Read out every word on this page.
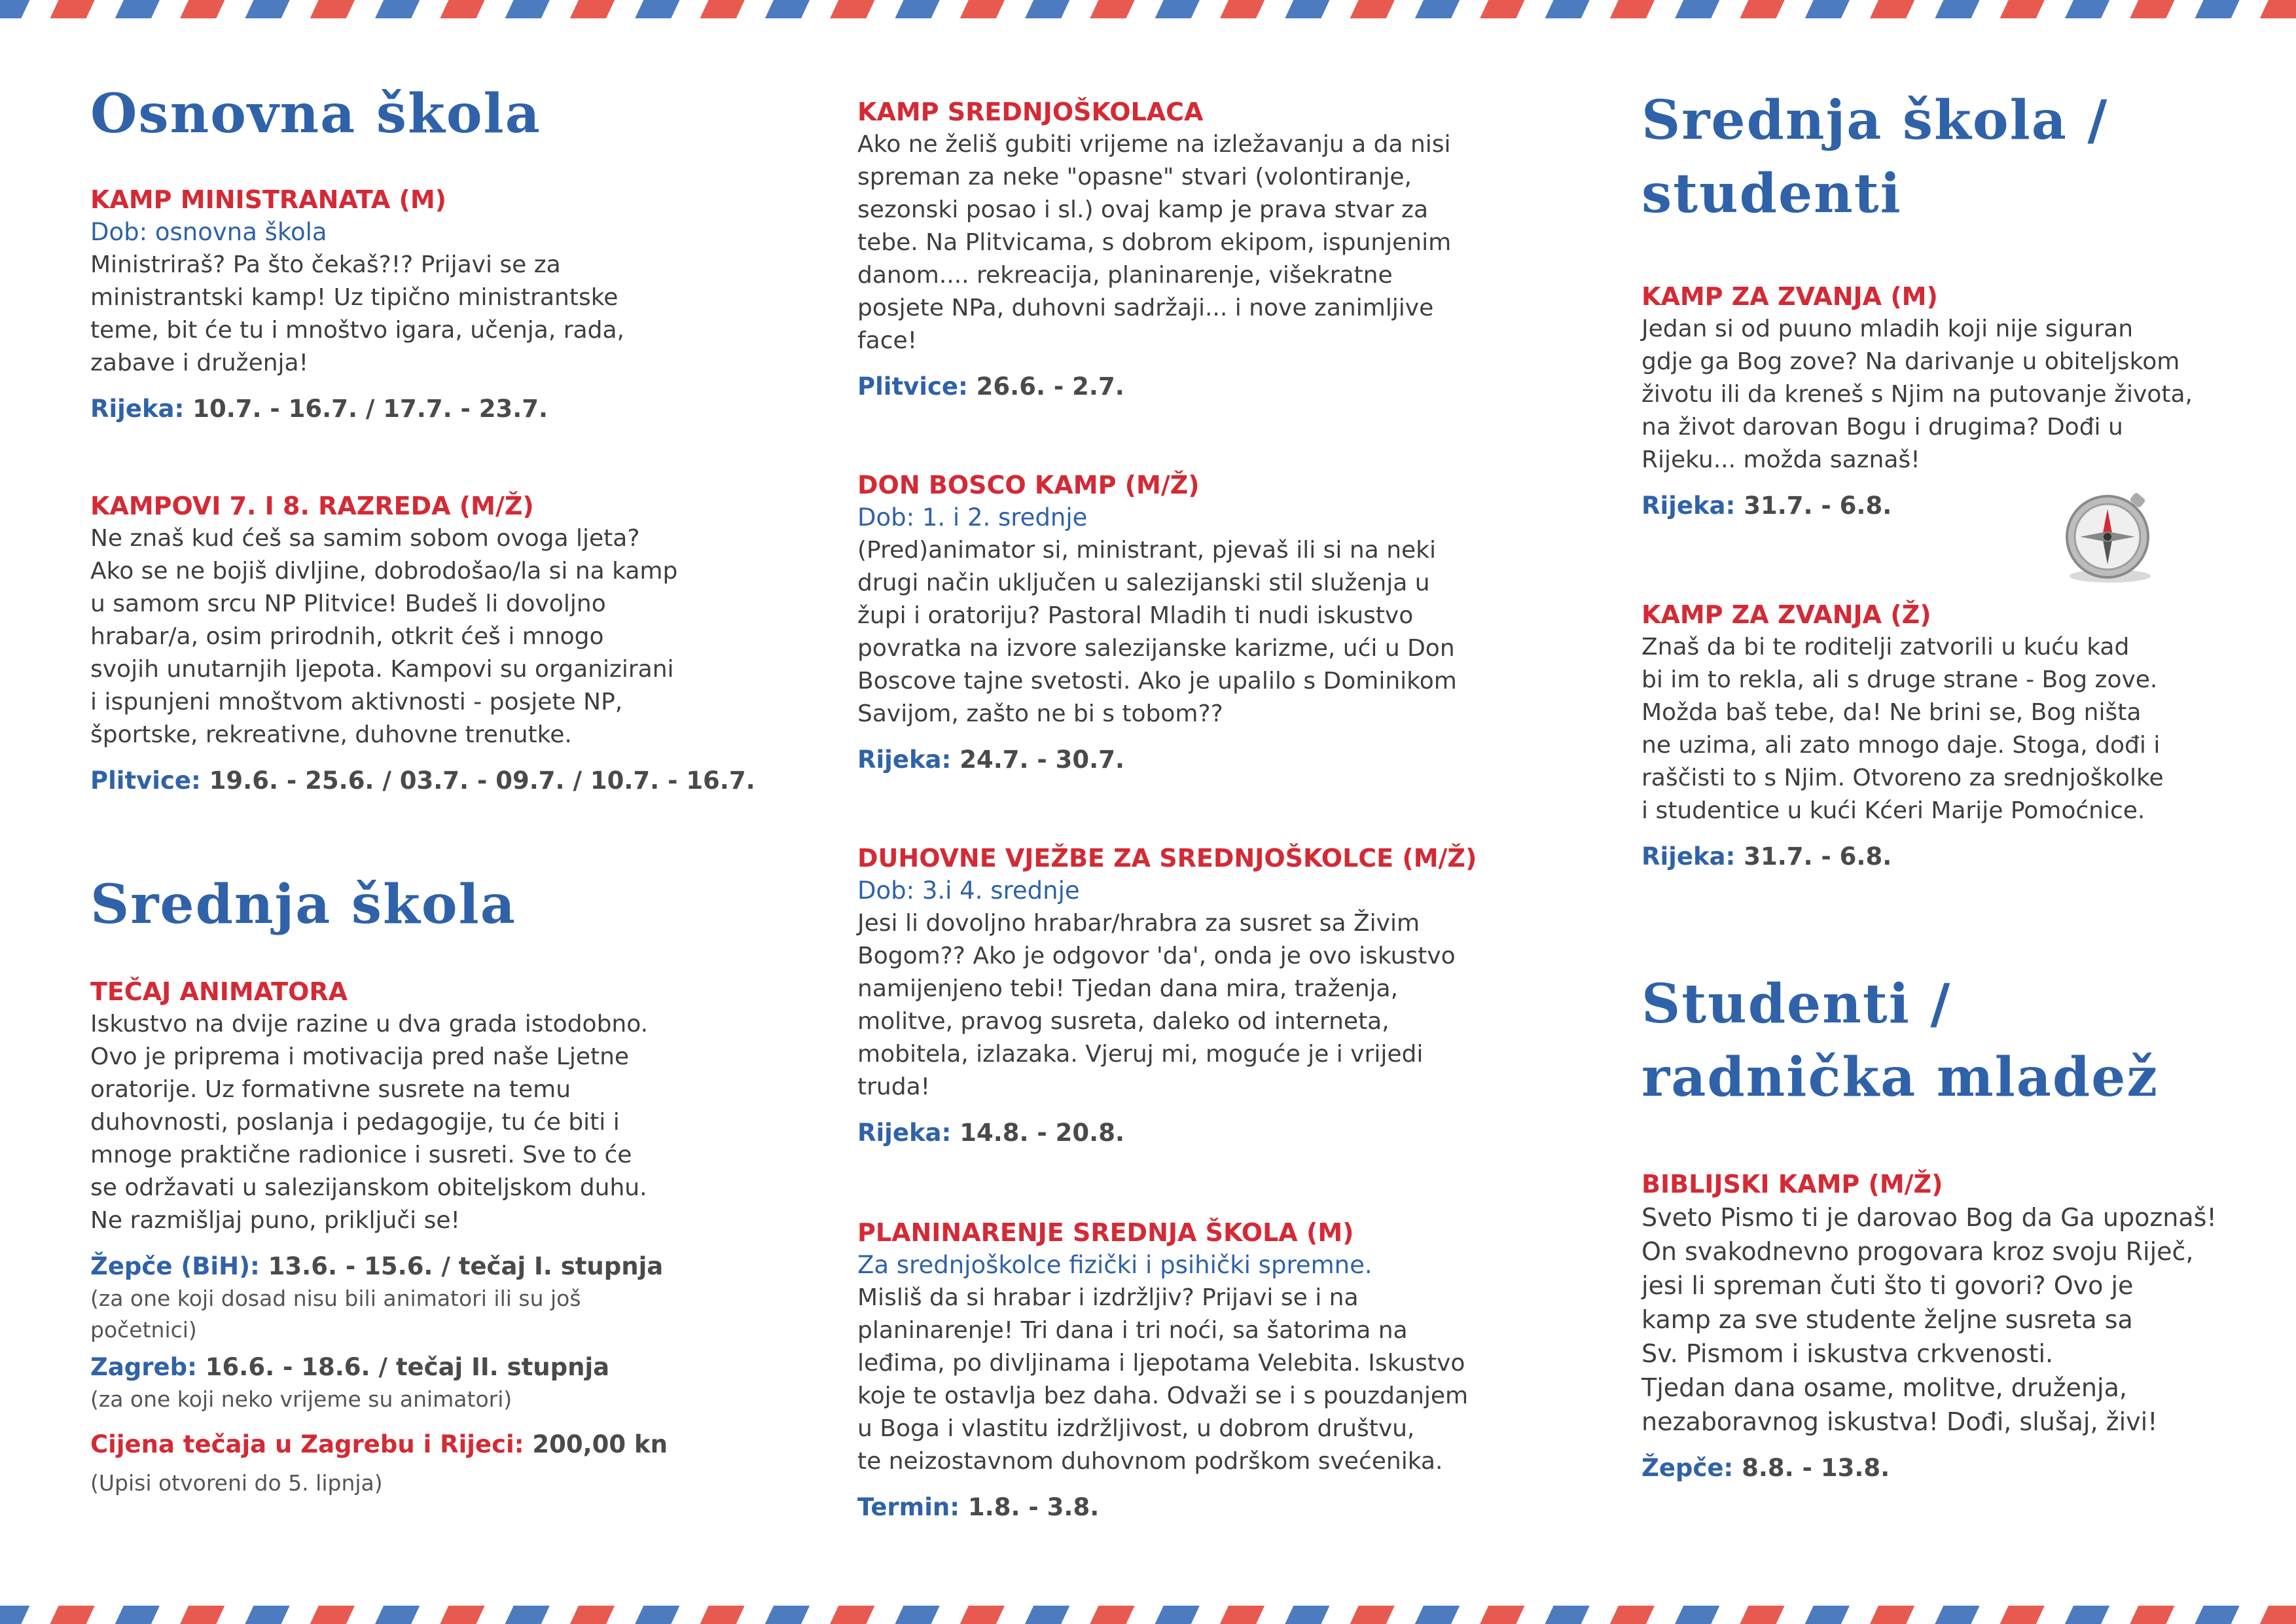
Osnovna škola
KAMP MINISTRANATA (M)
Dob: osnovna škola
Ministriraš? Pa što čekaš?!? Prijavi se za
ministrantski kamp! Uz tipično ministrantske
teme, bit će tu i mnoštvo igara, učenja, rada,
zabave i druženja!
Rijeka: 10.7. - 16.7. / 17.7. - 23.7.
KAMPOVI 7. I 8. RAZREDA (M/Ž)
Ne znaš kud ćeš sa samim sobom ovoga ljeta?
Ako se ne bojiš divljine, dobrodošao/la si na kamp
u samom srcu NP Plitvice! Budeš li dovoljno
hrabar/a, osim prirodnih, otkrit ćeš i mnogo
svojih unutarnjih ljepota. Kampovi su organizirani
i ispunjeni mnoštvom aktivnosti - posjete NP,
športske, rekreativne, duhovne trenutke.
Plitvice: 19.6. - 25.6. / 03.7. - 09.7. / 10.7. - 16.7.
Srednja škola
TEČAJ ANIMATORA
Iskustvo na dvije razine u dva grada istodobno.
Ovo je priprema i motivacija pred naše Ljetne
oratorije. Uz formativne susrete na temu
duhovnosti, poslanja i pedagogije, tu će biti i
mnoge praktične radionice i susreti. Sve to će
se održavati u salezijanskom obiteljskom duhu.
Ne razmišljaj puno, priključi se!
Žepče (BiH): 13.6. - 15.6. / tečaj I. stupnja
(za one koji dosad nisu bili animatori ili su još
početnici)
Zagreb: 16.6. - 18.6. / tečaj II. stupnja
(za one koji neko vrijeme su animatori)
Cijena tečaja u Zagrebu i Rijeci: 200,00 kn
(Upisi otvoreni do 5. lipnja)
KAMP SREDNJOŠKOLACA
Ako ne želiš gubiti vrijeme na izležavanju a da nisi
spreman za neke "opasne" stvari (volontiranje,
sezonski posao i sl.) ovaj kamp je prava stvar za
tebe. Na Plitvicama, s dobrom ekipom, ispunjenim
danom.... rekreacija, planinarenje, višekratne
posjete NPa, duhovni sadržaji... i nove zanimljive
face!
Plitvice: 26.6. - 2.7.
DON BOSCO KAMP (M/Ž)
Dob: 1. i 2. srednje
(Pred)animator si, ministrant, pjevaš ili si na neki
drugi način uključen u salezijanski stil služenja u
župi i oratoriju? Pastoral Mladih ti nudi iskustvo
povratka na izvore salezijanske karizme, ući u Don
Boscove tajne svetosti. Ako je upalilo s Dominikom
Savijom, zašto ne bi s tobom??
Rijeka: 24.7. - 30.7.
DUHOVNE VJEŽBE ZA SREDNJOŠKOLCE (M/Ž)
Dob: 3.i 4. srednje
Jesi li dovoljno hrabar/hrabra za susret sa Živim
Bogom?? Ako je odgovor 'da', onda je ovo iskustvo
namijenjeno tebi! Tjedan dana mira, traženja,
molitve, pravog susreta, daleko od interneta,
mobitela, izlazaka. Vjeruj mi, moguće je i vrijedi
truda!
Rijeka: 14.8. - 20.8.
PLANINARENJE SREDNJA ŠKOLA (M)
Za srednjoškolce fizički i psihički spremne.
Misliš da si hrabar i izdržljiv? Prijavi se i na
planinarenje! Tri dana i tri noći, sa šatorima na
leđima, po divljinama i ljepotama Velebita. Iskustvo
koje te ostavlja bez daha. Odvaži se i s pouzdanjem
u Boga i vlastitu izdržljivost, u dobrom društvu,
te neizostavnom duhovnom podrškom svećenika.
Termin: 1.8. - 3.8.
Srednja škola /
studenti
KAMP ZA ZVANJA (M)
Jedan si od puuno mladih koji nije siguran
gdje ga Bog zove? Na darivanje u obiteljskom
životu ili da kreneš s Njim na putovanje života,
na život darovan Bogu i drugima? Dođi u
Rijeku... možda saznaš!
Rijeka: 31.7. - 6.8.
KAMP ZA ZVANJA (Ž)
Znaš da bi te roditelji zatvorili u kuću kad
bi im to rekla, ali s druge strane - Bog zove.
Možda baš tebe, da! Ne brini se, Bog ništa
ne uzima, ali zato mnogo daje. Stoga, dođi i
raščisti to s Njim. Otvoreno za srednjoškolke
i studentice u kući Kćeri Marije Pomoćnice.
Rijeka: 31.7. - 6.8.
Studenti /
radnička mladež
BIBLIJSKI KAMP (M/Ž)
Sveto Pismo ti je darovao Bog da Ga upoznaš!
On svakodnevno progovara kroz svoju Riječ,
jesi li spreman čuti što ti govori? Ovo je
kamp za sve studente željne susreta sa
Sv. Pismom i iskustva crkvenosti.
Tjedan dana osame, molitve, druženja,
nezaboravnog iskustva! Dođi, slušaj, živi!
Žepče: 8.8. - 13.8.
